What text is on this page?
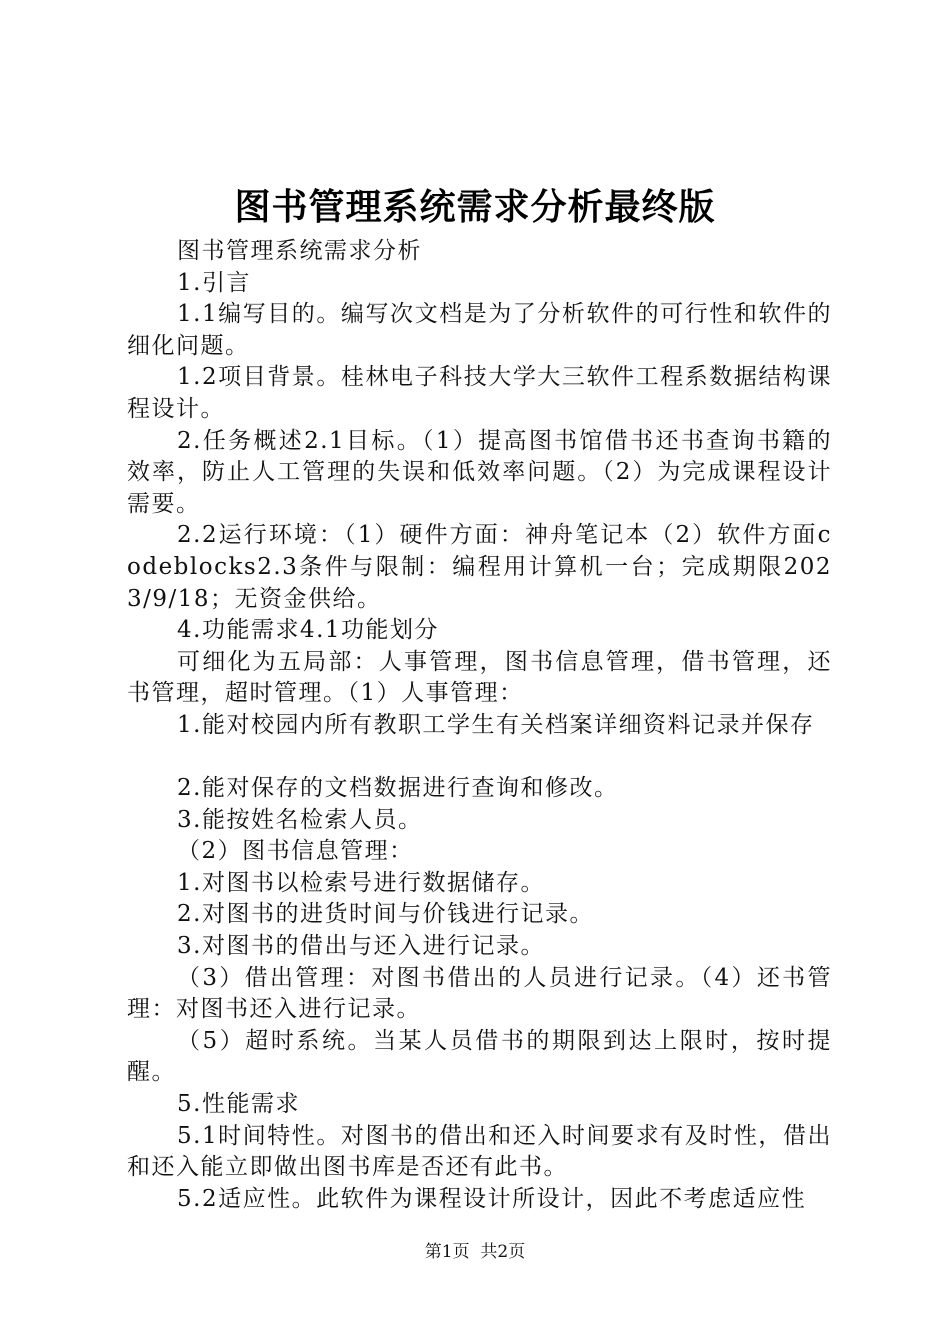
图书管理系统需求分析最终版

图书管理系统需求分析

1.引言

1.1编写目的。编写次文档是为了分析软件的可行性和软件的细化问题。

1.2项目背景。桂林电子科技大学大三软件工程系数据结构课程设计。

2.任务概述2.1目标。（1）提高图书馆借书还书查询书籍的效率，防止人工管理的失误和低效率问题。（2）为完成课程设计需要。

2.2运行环境：（1）硬件方面：神舟笔记本（2）软件方面codeblocks2.3条件与限制：编程用计算机一台；完成期限2023/9/18；无资金供给。

4.功能需求4.1功能划分

可细化为五局部：人事管理，图书信息管理，借书管理，还书管理，超时管理。（1）人事管理：

1.能对校园内所有教职工学生有关档案详细资料记录并保存

2.能对保存的文档数据进行查询和修改。

3.能按姓名检索人员。

（2）图书信息管理：

1.对图书以检索号进行数据储存。

2.对图书的进货时间与价钱进行记录。

3.对图书的借出与还入进行记录。

（3）借出管理：对图书借出的人员进行记录。（4）还书管理：对图书还入进行记录。

（5）超时系统。当某人员借书的期限到达上限时，按时提醒。

5.性能需求

5.1时间特性。对图书的借出和还入时间要求有及时性，借出和还入能立即做出图书库是否还有此书。

5.2适应性。此软件为课程设计所设计，因此不考虑适应性

第1页  共2页
